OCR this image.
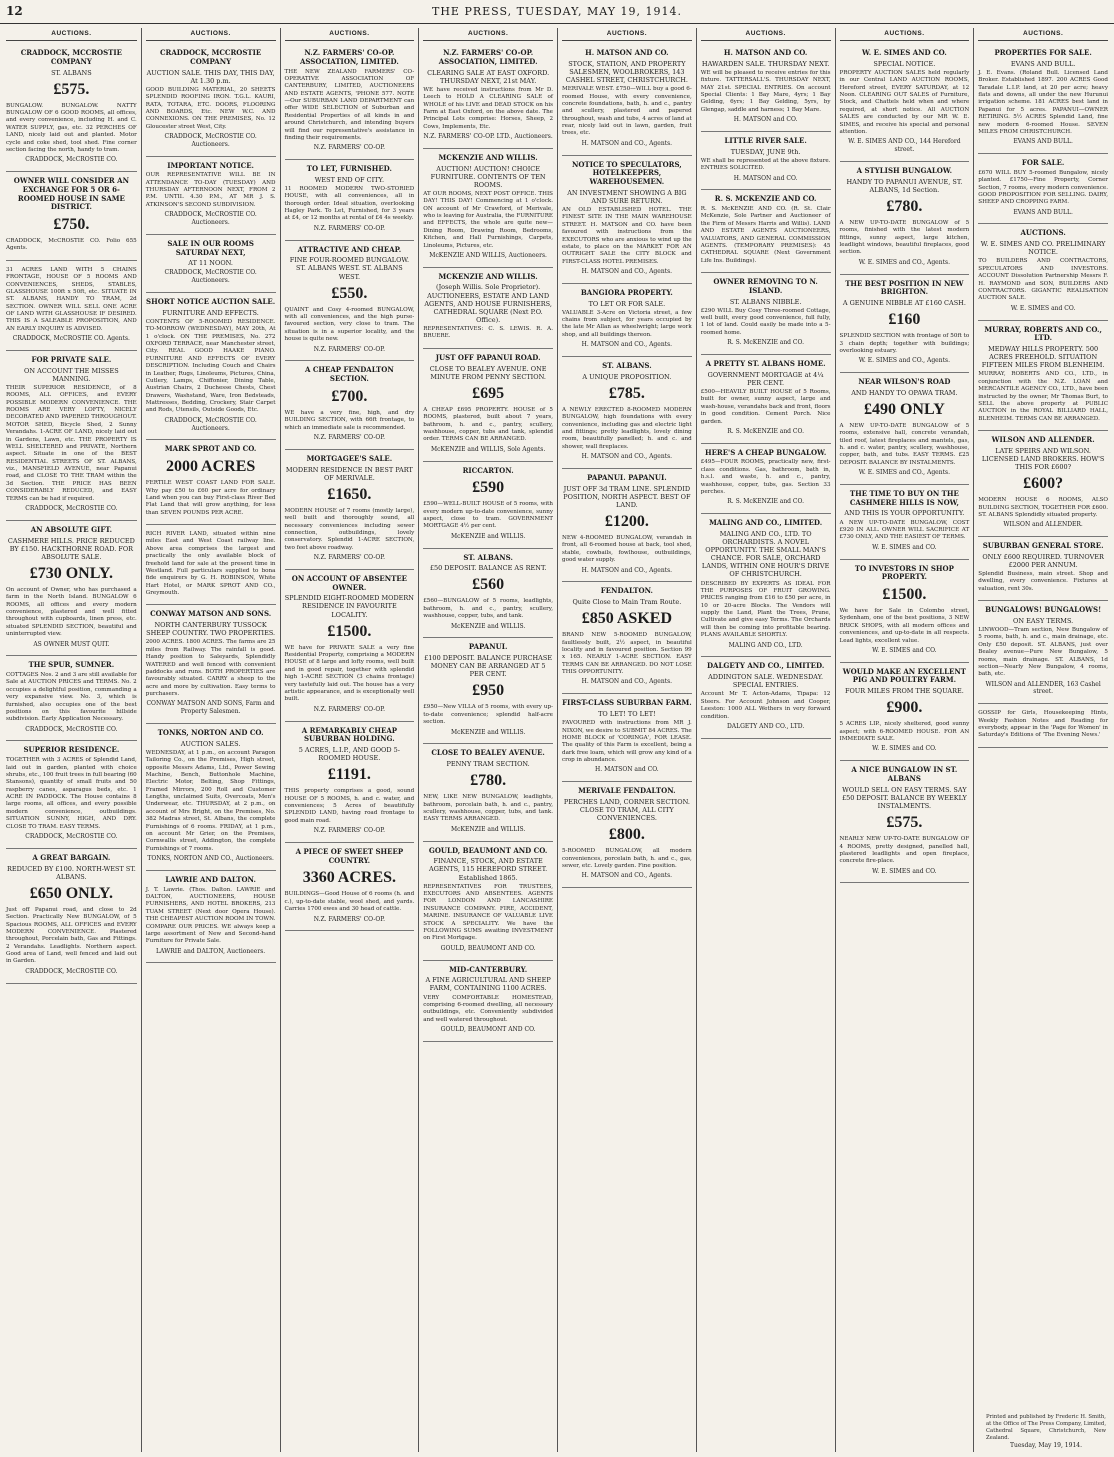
12	THE PRESS, TUESDAY, MAY 19, 1914.
AUCTIONS.
CRADDOCK, MCCROSTIE COMPANY
ST. ALBANS
£575.
BUNGALOW. BUNGALOW. NATTY BUNGALOW OF 6 GOOD ROOMS, all offices, and every convenience, including H. and C. WATER SUPPLY, gas, etc. 32 PERCHES OF LAND, nicely laid out and planted. Motor cycle and coke shed, tool shed. Fine corner section facing the north, handy to tram.
CRADDOCK, McCROSTIE CO.
OWNER WILL CONSIDER AN EXCHANGE FOR 5 OR 6-ROOMED HOUSE IN SAME DISTRICT.
£750.
CRADDOCK, McCROSTIE CO. Folio 655 Agents.
31 ACRES LAND WITH 5 CHAINS FRONTAGE, HOUSE OF 5 ROOMS AND CONVENIENCES, SHEDS, STABLES, GLASSHOUSE 100ft x 50ft, etc. SITUATE IN ST. ALBANS, HANDY TO TRAM, 2d SECTION. OWNER WILL SELL ONE ACRE OF LAND WITH GLASSHOUSE IF DESIRED. THIS IS A SALEABLE PROPOSITION, AND AN EARLY INQUIRY IS ADVISED.
CRADDOCK, McCROSTIE CO. Agents.
FOR PRIVATE SALE.
ON ACCOUNT THE MISSES MANNING.
THEIR SUPERIOR RESIDENCE, of 8 ROOMS, ALL OFFICES, and EVERY POSSIBLE MODERN CONVENIENCE. THE ROOMS ARE VERY LOFTY, NICELY DECORATED AND PAPERED THROUGHOUT. MOTOR SHED, Bicycle Shed, 2 Sunny Verandahs. 1-ACRE OF LAND, nicely laid out in Gardens, Lawn, etc. THE PROPERTY IS WELL SHELTERED and PRIVATE, Northern aspect. Situate in one of the BEST RESIDENTIAL STREETS OF ST. ALBANS, viz., MANSFIELD AVENUE, near Papanui road, and CLOSE TO THE TRAM within the 3d Section. THE PRICE HAS BEEN CONSIDERABLY REDUCED, and EASY TERMS can be had if required.
CRADDOCK, McCROSTIE CO.
AN ABSOLUTE GIFT.
CASHMERE HILLS. PRICE REDUCED BY £150. HACKTHORNE ROAD. FOR ABSOLUTE SALE.
£730 ONLY.
On account of Owner, who has purchased a farm in the North Island. BUNGALOW 6 ROOMS, all offices and every modern convenience, plastered and well fitted throughout with cupboards, linen press, etc. situated SPLENDID SECTION, beautiful and uninterrupted view.
AS OWNER MUST QUIT.
THE SPUR, SUMNER.
COTTAGES Nos. 2 and 3 are still available for Sale at AUCTION PRICES and TERMS. No. 2 occupies a delightful position, commanding a very expansive view. No. 3, which is furnished, also occupies one of the best positions on this favourite hillside subdivision. Early Application Necessary.
CRADDOCK, McCROSTIE CO.
SUPERIOR RESIDENCE.
TOGETHER with 3 ACRES of Splendid Land, laid out in garden, planted with choice shrubs, etc., 100 fruit trees in full bearing (60 Stansons), quantity of small fruits and 50 raspberry canes, asparagus beds, etc. 1 ACRE IN PADDOCK. The House contains 8 large rooms, all offices, and every possible modern convenience, outbuildings. SITUATION SUNNY, HIGH, AND DRY. CLOSE TO TRAM. EASY TERMS.
CRADDOCK, McCROSTIE CO.
A GREAT BARGAIN.
REDUCED BY £100. NORTH-WEST ST. ALBANS.
£650 ONLY.
Just off Papanui road, and close to 2d Section. Practically New BUNGALOW, of 5 Spacious ROOMS, ALL OFFICES and EVERY MODERN CONVENIENCE. Plastered throughout, Porcelain bath, Gas and Fittings. 2 Verandahs. Leadlights. Northern aspect. Good area of Land, well fenced and laid out in Garden.
CRADDOCK, McCROSTIE CO.
AUCTIONS.
CRADDOCK, MCCROSTIE COMPANY
AUCTION SALE. THIS DAY, THIS DAY, At 1.30 p.m.
GOOD BUILDING MATERIAL, 20 SHEETS SPLENDID ROOFING IRON. T.G.L. KAURI, RATA, TOTARA, ETC. DOORS, FLOORING AND BOARDS, Etc. NEW W.C. AND CONNEXIONS. ON THE PREMISES, No. 12 Gloucester street West, City.
CRADDOCK, McCROSTIE CO. Auctioneers.
IMPORTANT NOTICE.
OUR REPRESENTATIVE WILL BE IN ATTENDANCE TO-DAY (TUESDAY) AND THURSDAY AFTERNOON NEXT, FROM 2 P.M. UNTIL 4.30 P.M., AT MR J. S. ATKINSON'S SECOND SUBDIVISION.
CRADDOCK, McCROSTIE CO. Auctioneers.
SALE IN OUR ROOMS SATURDAY NEXT,
AT 11 NOON.
CRADDOCK, McCROSTIE CO. Auctioneers.
SHORT NOTICE AUCTION SALE.
FURNITURE AND EFFECTS.
CONTENTS OF 5-ROOMED RESIDENCE. TO-MORROW (WEDNESDAY), MAY 20th, At 1 o'clock. ON THE PREMISES, No. 272 OXFORD TERRACE, near Manchester street, City. REAL GOOD HAAKE PIANO. FURNITURE AND EFFECTS OF EVERY DESCRIPTION. Including Couch and Chairs in Leather, Rugs, Linoleums, Pictures, China, Cutlery, Lamps, Chiffonier, Dining Table, Austrian Chairs, 2 Duchesse Chests, Chest Drawers, Washstand, Ware, Iron Bedsteads, Mattresses, Bedding, Crockery, Stair Carpet and Rods, Utensils, Outside Goods, Etc.
CRADDOCK, McCROSTIE CO. Auctioneers.
MARK SPROT AND CO.
2000 ACRES
FERTILE WEST COAST LAND FOR SALE. Why pay £50 to £60 per acre for ordinary Land when you can buy First-class River Bed Flat Land that will grow anything, for less than SEVEN POUNDS PER ACRE.
RICH RIVER LAND, situated within nine miles East and West Coast railway line. Above area comprises the largest and practically the only available block of freehold land for sale at the present time in Westland. Full particulars supplied to bona fide enquirers by G. H. ROBINSON, White Hart Hotel, or MARK SPROT AND CO., Greymouth.
CONWAY MATSON AND SONS.
NORTH CANTERBURY TUSSOCK SHEEP COUNTRY. TWO PROPERTIES.
2000 ACRES. 1800 ACRES. The farms are 25 miles from Railway. The rainfall is good. Handy position to Saleyards, Splendidly WATERED and well fenced with convenient paddocks and runs. BOTH PROPERTIES are favourably situated. CARRY a sheep to the acre and more by cultivation. Easy terms to purchasers.
CONWAY MATSON AND SONS, Farm and Property Salesmen.
TONKS, NORTON AND CO.
AUCTION SALES.
WEDNESDAY, at 1 p.m., on account Paragon Tailoring Co., on the Premises, High street, opposite Messrs Adams, Ltd., Power Sewing Machine, Bench, Buttonhole Machine, Electric Motor, Belting, Shop Fittings, Framed Mirrors, 200 Roll and Customer Lengths, unclaimed Suits, Overcoats, Men's Underwear, etc. THURSDAY, at 2 p.m., on account of Mrs Bright, on the Premises, No. 382 Madras street, St. Albans, the complete Furnishings of 6 rooms. FRIDAY, at 1 p.m., on account Mr Grier, on the Premises, Cornwallis street, Addington, the complete Furnishings of 7 rooms.
TONKS, NORTON AND CO., Auctioneers.
LAWRIE AND DALTON.
J. T. Lawrie. (Thos. Dalton. LAWRIE and DALTON, AUCTIONEERS, HOUSE FURNISHERS, AND HOTEL BROKERS, 213 TUAM STREET (Next door Opera House). THE CHEAPEST AUCTION ROOM IN TOWN. COMPARE OUR PRICES. WE always keep a large assortment of New and Second-hand Furniture for Private Sale.
LAWRIE and DALTON, Auctioneers.
AUCTIONS.
N.Z. FARMERS' CO-OP. ASSOCIATION, LIMITED.
THE NEW ZEALAND FARMERS' CO-OPERATIVE ASSOCIATION OF CANTERBURY, LIMITED, AUCTIONEERS AND ESTATE AGENTS, 'PHONE 577. NOTE—Our SUBURBAN LAND DEPARTMENT can offer WIDE SELECTION of Suburban and Residential Properties of all kinds in and around Christchurch, and intending buyers will find our representative's assistance in finding their requirements.
N.Z. FARMERS' CO-OP.
TO LET, FURNISHED.
WEST END OF CITY.
11 ROOMED MODERN TWO-STORIED HOUSE, with all conveniences, all in thorough order. Ideal situation, overlooking Hagley Park. To Let, Furnished, for 3 years at £4, or 12 months at rental of £4 4s weekly.
N.Z. FARMERS' CO-OP.
ATTRACTIVE AND CHEAP.
FINE FOUR-ROOMED BUNGALOW. ST. ALBANS WEST. ST. ALBANS WEST.
£550.
QUAINT and Cosy 4-roomed BUNGALOW, with all conveniences, and the high purse-favoured section, very close to tram. The situation is in a superior locality, and the house is quite new.
N.Z. FARMERS' CO-OP.
A CHEAP FENDALTON SECTION.
£700.
WE have a very fine, high, and dry BUILDING SECTION, with 66ft frontage, to which an immediate sale is recommended.
N.Z. FARMERS' CO-OP.
MORTGAGEE'S SALE.
MODERN RESIDENCE IN BEST PART OF MERIVALE.
£1650.
MODERN HOUSE of 7 rooms (mostly large), well built and thoroughly sound, all necessary conveniences including sewer connection, outbuildings, lovely conservatory. Splendid 1-ACRE SECTION, two feet above roadway.
N.Z. FARMERS' CO-OP.
ON ACCOUNT OF ABSENTEE OWNER.
SPLENDID EIGHT-ROOMED MODERN RESIDENCE IN FAVOURITE LOCALITY.
£1500.
WE have for PRIVATE SALE a very fine Residential Property, comprising a MODERN HOUSE of 8 large and lofty rooms, well built and in good repair, together with splendid high 1-ACRE SECTION (3 chains frontage) very tastefully laid out. The house has a very artistic appearance, and is exceptionally well built.
N.Z. FARMERS' CO-OP.
A REMARKABLY CHEAP SUBURBAN HOLDING.
5 ACRES, L.I.P., AND GOOD 5-ROOMED HOUSE.
£1191.
THIS property comprises a good, sound HOUSE OF 5 ROOMS, h. and c. water, and conveniences; 5 Acres of beautifully SPLENDID LAND, having road frontage to good main road.
N.Z. FARMERS' CO-OP.
A PIECE OF SWEET SHEEP COUNTRY.
3360 ACRES.
BUILDINGS—Good House of 6 rooms (h. and c.), up-to-date stable, wool shed, and yards. Carries 1700 ewes and 30 head of cattle.
N.Z. FARMERS' CO-OP.
AUCTIONS.
N.Z. FARMERS' CO-OP. ASSOCIATION, LIMITED.
CLEARING SALE AT EAST OXFORD. THURSDAY NEXT, 21st MAY.
WE have received instructions from Mr D. Leech to HOLD A CLEARING SALE of WHOLE of his LIVE and DEAD STOCK on his Farm at East Oxford, on the above date. The Principal Lots comprise: Horses, Sheep, 2 Cows, Implements, Etc.
N.Z. FARMERS' CO-OP. LTD., Auctioneers.
MCKENZIE AND WILLIS.
AUCTION! AUCTION! CHOICE FURNITURE. CONTENTS OF TEN ROOMS.
AT OUR ROOMS, NEXT POST OFFICE. THIS DAY! THIS DAY! Commencing at 1 o'clock. ON account of Mr Crawford, of Merivale, who is leaving for Australia, the FURNITURE and EFFECTS, the whole are quite new—Dining Room, Drawing Room, Bedrooms, Kitchen, and Hall Furnishings, Carpets, Linoleums, Pictures, etc.
McKENZIE AND WILLIS, Auctioneers.
MCKENZIE AND WILLIS.
(Joseph Willis. Sole Proprietor). AUCTIONEERS, ESTATE AND LAND AGENTS, AND HOUSE FURNISHERS, CATHEDRAL SQUARE (Next P.O. Office).
REPRESENTATIVES: C. S. LEWIS. R. A. BRUERE.
JUST OFF PAPANUI ROAD.
CLOSE TO BEALEY AVENUE. ONE MINUTE FROM PENNY SECTION.
£695
A CHEAP £695 PROPERTY. HOUSE of 5 ROOMS, plastered, built about 7 years, bathroom, h. and c., pantry, scullery, washhouse, copper, tubs and tank, splendid order. TERMS CAN BE ARRANGED.
McKENZIE and WILLIS, Sole Agents.
RICCARTON.
£590
£590—WELL-BUILT HOUSE of 5 rooms, with every modern up-to-date convenience, sunny aspect, close to tram. GOVERNMENT MORTGAGE 4½ per cent.
McKENZIE and WILLIS.
ST. ALBANS.
£50 DEPOSIT. BALANCE AS RENT.
£560
£560—BUNGALOW of 5 rooms, leadlights, bathroom, h. and c., pantry, scullery, washhouse, copper, tubs, and tank.
McKENZIE and WILLIS.
PAPANUI.
£100 DEPOSIT. BALANCE PURCHASE MONEY CAN BE ARRANGED AT 5 PER CENT.
£950
£950—New VILLA of 5 rooms, with every up-to-date convenience; splendid half-acre section.
McKENZIE and WILLIS.
CLOSE TO BEALEY AVENUE.
PENNY TRAM SECTION.
£780.
NEW, LIKE NEW BUNGALOW, leadlights, bathroom, porcelain bath, h. and c., pantry, scullery, washhouse, copper, tubs, and tank. EASY TERMS ARRANGED.
McKENZIE and WILLIS.
GOULD, BEAUMONT AND CO.
FINANCE, STOCK, AND ESTATE AGENTS, 115 HEREFORD STREET. Established 1865.
REPRESENTATIVES FOR TRUSTEES, EXECUTORS AND ABSENTEES. AGENTS FOR LONDON AND LANCASHIRE INSURANCE COMPANY. FIRE, ACCIDENT, MARINE. INSURANCE OF VALUABLE LIVE STOCK A SPECIALITY. We have the FOLLOWING SUMS awaiting INVESTMENT on First Mortgage.
GOULD, BEAUMONT AND CO.
MID-CANTERBURY.
A FINE AGRICULTURAL AND SHEEP FARM, CONTAINING 1100 ACRES.
VERY COMFORTABLE HOMESTEAD, comprising 6-roomed dwelling, all necessary outbuildings, etc. Conveniently subdivided and well watered throughout.
GOULD, BEAUMONT AND CO.
AUCTIONS.
H. MATSON AND CO.
STOCK, STATION, AND PROPERTY SALESMEN, WOOLBROKERS, 143 CASHEL STREET, CHRISTCHURCH.
MERIVALE WEST. £750—WILL buy a good 6-roomed House, with every convenience, concrete foundations, bath, h. and c., pantry and scullery, plastered and papered throughout, wash and tubs, 4 acres of land at rear, nicely laid out in lawn, garden, fruit trees, etc.
H. MATSON and CO., Agents.
NOTICE TO SPECULATORS, HOTELKEEPERS, WAREHOUSEMEN.
AN INVESTMENT SHOWING A BIG AND SURE RETURN.
AN OLD ESTABLISHED HOTEL. THE FINEST SITE IN THE MAIN WAREHOUSE STREET. H. MATSON and CO. have been favoured with instructions from the EXECUTORS who are anxious to wind up the estate, to place on the MARKET FOR AN OUTRIGHT SALE the CITY BLOCK and FIRST-CLASS HOTEL PREMISES.
H. MATSON and CO., Agents.
BANGIORA PROPERTY.
TO LET OR FOR SALE.
VALUABLE 3-Acre on Victoria street, a few chains from subject, for years occupied by the late Mr Allan as wheelwright; large work shop, and all buildings thereon.
H. MATSON and CO., Agents.
ST. ALBANS.
A UNIQUE PROPOSITION.
£785.
A NEWLY ERECTED 8-ROOMED MODERN BUNGALOW, high foundations with every convenience, including gas and electric light and fittings; pretty leadlights, lovely dining room, beautifully panelled; h. and c. and shower, wall fireplaces.
H. MATSON and CO., Agents.
PAPANUI. PAPANUI.
JUST OFF 3d TRAM LINE. SPLENDID POSITION, NORTH ASPECT. BEST OF LAND.
£1200.
NEW 4-ROOMED BUNGALOW, verandah in front, all 6-roomed house at back, tool shed, stable, cowbails, fowlhouse, outbuildings, good water supply.
H. MATSON and CO., Agents.
FENDALTON.
Quite Close to Main Tram Route.
£850 ASKED
BRAND NEW 5-ROOMED BUNGALOW, faultlessly built, 2½ aspect, in beautiful locality and in favoured position. Section 99 x 165. NEARLY 1-ACRE SECTION. EASY TERMS CAN BE ARRANGED. DO NOT LOSE THIS OPPORTUNITY.
H. MATSON and CO., Agents.
FIRST-CLASS SUBURBAN FARM.
TO LET! TO LET!
FAVOURED with instructions from MR J. NIXON, we desire to SUBMIT 84 ACRES. The HOME BLOCK of 'CORINGA', FOR LEASE. The quality of this Farm is excellent, being a dark free loam, which will grow any kind of a crop in abundance.
H. MATSON and CO.
MERIVALE FENDALTON.
PERCHES LAND, CORNER SECTION. CLOSE TO TRAM, ALL CITY CONVENIENCES.
£800.
5-ROOMED BUNGALOW, all modern conveniences, porcelain bath, h. and c., gas, sewer, etc. Lovely garden. Fine position.
H. MATSON and CO., Agents.
AUCTIONS.
H. MATSON AND CO.
HAWARDEN SALE. THURSDAY NEXT.
WE will be pleased to receive entries for this fixture. TATTERSALL'S. THURSDAY NEXT, MAY 21st. SPECIAL ENTRIES. On account Special Clients: 1 Bay Mare, 4yrs; 1 Bay Gelding, 6yrs; 1 Bay Gelding, 5yrs, by Glengap, saddle and harness; 1 Bay Mare.
H. MATSON and CO.
LITTLE RIVER SALE.
TUESDAY, JUNE 9th.
WE shall be represented at the above fixture. ENTRIES SOLICITED.
H. MATSON and CO.
R. S. MCKENZIE AND CO.
R. S. McKENZIE AND CO. (R. St. Clair McKenzie, Sole Partner and Auctioneer of the Firm of Messrs Harris and Willis). LAND AND ESTATE AGENTS AUCTIONEERS, VALUATORS, AND GENERAL COMMISSION AGENTS. (TEMPORARY PREMISES): 45 CATHEDRAL SQUARE (Next Government Life Ins. Buildings).
OWNER REMOVING TO N. ISLAND.
ST. ALBANS NIBBLE.
£290 WILL Buy Cosy Three-roomed Cottage, well built, every good convenience, full fully, 1 lot of land. Could easily be made into a 5-roomed home.
R. S. McKENZIE and CO.
A PRETTY ST. ALBANS HOME.
GOVERNMENT MORTGAGE at 4¼ PER CENT.
£500—HEAVILY BUILT HOUSE of 5 Rooms, built for owner, sunny aspect, large and wash-house, verandahs back and front, floors in good condition. Cement Porch. Nice garden.
R. S. McKENZIE and CO.
HERE'S A CHEAP BUNGALOW.
£495—FOUR ROOMS, practically new, first-class conditions. Gas, bathroom, bath in, h.s.l. and waste, h. and c., pantry, washhouse, copper, tubs, gas. Section 33 perches.
R. S. McKENZIE and CO.
MALING AND CO., LIMITED.
MALING AND CO., LTD. TO ORCHARDISTS. A NOVEL OPPORTUNITY. THE SMALL MAN'S CHANCE. FOR SALE, ORCHARD LANDS, WITHIN ONE HOUR'S DRIVE OF CHRISTCHURCH.
DESCRIBED BY EXPERTS AS IDEAL FOR THE PURPOSES OF FRUIT GROWING. PRICES ranging from £16 to £50 per acre, in 10 or 20-acre Blocks. The Vendors will supply the Land, Plant the Trees, Prune, Cultivate and give easy Terms. The Orchards will then be coming into profitable bearing. PLANS AVAILABLE SHORTLY.
MALING AND CO., LTD.
DALGETY AND CO., LIMITED.
ADDINGTON SALE. WEDNESDAY. SPECIAL ENTRIES.
Account Mr T. Acton-Adams, Tipapa: 12 Steers. For Account Johnson and Cooper, Leeston: 1000 ALL Wethers in very forward condition.
DALGETY AND CO., LTD.
AUCTIONS.
W. E. SIMES AND CO.
SPECIAL NOTICE.
PROPERTY AUCTION SALES held regularly in our Central LAND AUCTION ROOMS, Hereford street, EVERY SATURDAY, at 12 Noon. CLEARING OUT SALES of Furniture, Stock, and Chattels held when and where required, at short notice. All AUCTION SALES are conducted by our MR W. E. SIMES, and receive his special and personal attention.
W. E. SIMES AND CO., 144 Hereford street.
A STYLISH BUNGALOW.
HANDY TO PAPANUI AVENUE, ST. ALBANS, 1d Section.
£780.
A NEW UP-TO-DATE BUNGALOW of 5 rooms, finished with the latest modern fittings, sunny aspect, large kitchen, leadlight windows, beautiful fireplaces, good section.
W. E. SIMES and CO., Agents.
THE BEST POSITION IN NEW BRIGHTON.
A GENUINE NIBBLE AT £160 CASH.
£160
SPLENDID SECTION with frontage of 50ft to 3 chain depth; together with buildings; overlooking estuary.
W. E. SIMES and CO., Agents.
NEAR WILSON'S ROAD
AND HANDY TO OPAWA TRAM.
£490 ONLY
A NEW UP-TO-DATE BUNGALOW of 5 rooms, extensive hall, concrete verandah, tiled roof, latest fireplaces and mantels, gas, h. and c. water, pantry, scullery, washhouse, copper, bath, and tubs. EASY TERMS. £25 DEPOSIT. BALANCE BY INSTALMENTS.
W. E. SIMES and CO., Agents.
THE TIME TO BUY ON THE CASHMERE HILLS IS NOW,
AND THIS IS YOUR OPPORTUNITY.
A NEW UP-TO-DATE BUNGALOW, COST £920 IN ALL. OWNER WILL SACRIFICE AT £730 ONLY, AND THE EASIEST OF TERMS.
W. E. SIMES and CO.
TO INVESTORS IN SHOP PROPERTY.
£1500.
We have for Sale in Colombo street, Sydenham, one of the best positions, 3 NEW BRICK SHOPS, with all modern offices and conveniences, and up-to-date in all respects. Lead lights, excellent value.
W. E. SIMES and CO.
WOULD MAKE AN EXCELLENT PIG AND POULTRY FARM.
FOUR MILES FROM THE SQUARE.
£900.
5 ACRES LIP., nicely sheltered, good sunny aspect; with 6-ROOMED HOUSE. FOR AN IMMEDIATE SALE.
W. E. SIMES and CO.
A NICE BUNGALOW IN ST. ALBANS
WOULD SELL ON EASY TERMS. SAY £50 DEPOSIT. BALANCE BY WEEKLY INSTALMENTS.
£575.
NEARLY NEW UP-TO-DATE BUNGALOW OF 4 ROOMS, pretty designed, panelled hall, plastered leadlights and open fireplace, concrete fire-place.
W. E. SIMES and CO.
AUCTIONS.
PROPERTIES FOR SALE.
EVANS AND BULL.
J. E. Evans. (Roland Bull. Licensed Land Broker. Established 1897. 200 ACRES Good Taradale L.I.P. land, at 20 per acre; heavy flats and downs, all under the new Hurunui irrigation scheme. 181 ACRES best land in Papanui for 5 acres. PAPANUI—OWNER RETIRING. 5½ ACRES Splendid Land, fine new modern 6-roomed House. SEVEN MILES FROM CHRISTCHURCH.
EVANS AND BULL.
FOR SALE.
£670 WILL BUY 5-roomed Bungalow, nicely planted. £1750—Fine Property, Corner Section, 7 rooms, every modern convenience. GOOD PROPOSITION FOR SELLING. DAIRY, SHEEP AND CROPPING FARM.
EVANS AND BULL.
AUCTIONS.
W. E. SIMES AND CO. PRELIMINARY NOTICE.
TO BUILDERS AND CONTRACTORS, SPECULATORS AND INVESTORS. ACCOUNT Dissolution Partnership Messrs F. H. RAYMOND and SON, BUILDERS AND CONTRACTORS. GIGANTIC REALISATION AUCTION SALE.
W. E. SIMES and CO.
MURRAY, ROBERTS AND CO., LTD.
MEDWAY HILLS PROPERTY. 500 ACRES FREEHOLD. SITUATION FIFTEEN MILES FROM BLENHEIM.
MURRAY, ROBERTS AND CO., LTD., in conjunction with the N.Z. LOAN and MERCANTILE AGENCY CO., LTD., have been instructed by the owner, Mr Thomas Burt, to SELL the above property at PUBLIC AUCTION in the ROYAL BILLIARD HALL, BLENHEIM. TERMS CAN BE ARRANGED.
WILSON AND ALLENDER.
LATE SPEIRS AND WILSON. LICENSED LAND BROKERS. HOW'S THIS FOR £600?
£600?
MODERN HOUSE 6 ROOMS, ALSO BUILDING SECTION, TOGETHER FOR £600. ST. ALBANS Splendidly situated property.
WILSON and ALLENDER.
SUBURBAN GENERAL STORE.
ONLY £600 REQUIRED. TURNOVER £2000 PER ANNUM.
Splendid Business, main street. Shop and dwelling, every convenience. Fixtures at valuation, rent 30s.
BUNGALOWS! BUNGALOWS!
ON EASY TERMS.
LINWOOD—Tram section, New Bungalow of 5 rooms, bath, h. and c., main drainage, etc. Only £50 deposit. ST. ALBANS, just over Bealey avenue—Pure New Bungalow, 5 rooms, main drainage. ST. ALBANS, 1d section—Nearly New Bungalow, 4 rooms, bath, etc.
WILSON and ALLENDER, 163 Cashel street.
GOSSIP for Girls, Housekeeping Hints, Weekly Fashion Notes and Reading for everybody, appear in the 'Page for Women' in Saturday's Editions of 'The Evening News.'
Printed and published by Frederic H. Smith, at the Office of The Press Company, Limited, Cathedral Square, Christchurch, New Zealand.
Tuesday, May 19, 1914.
